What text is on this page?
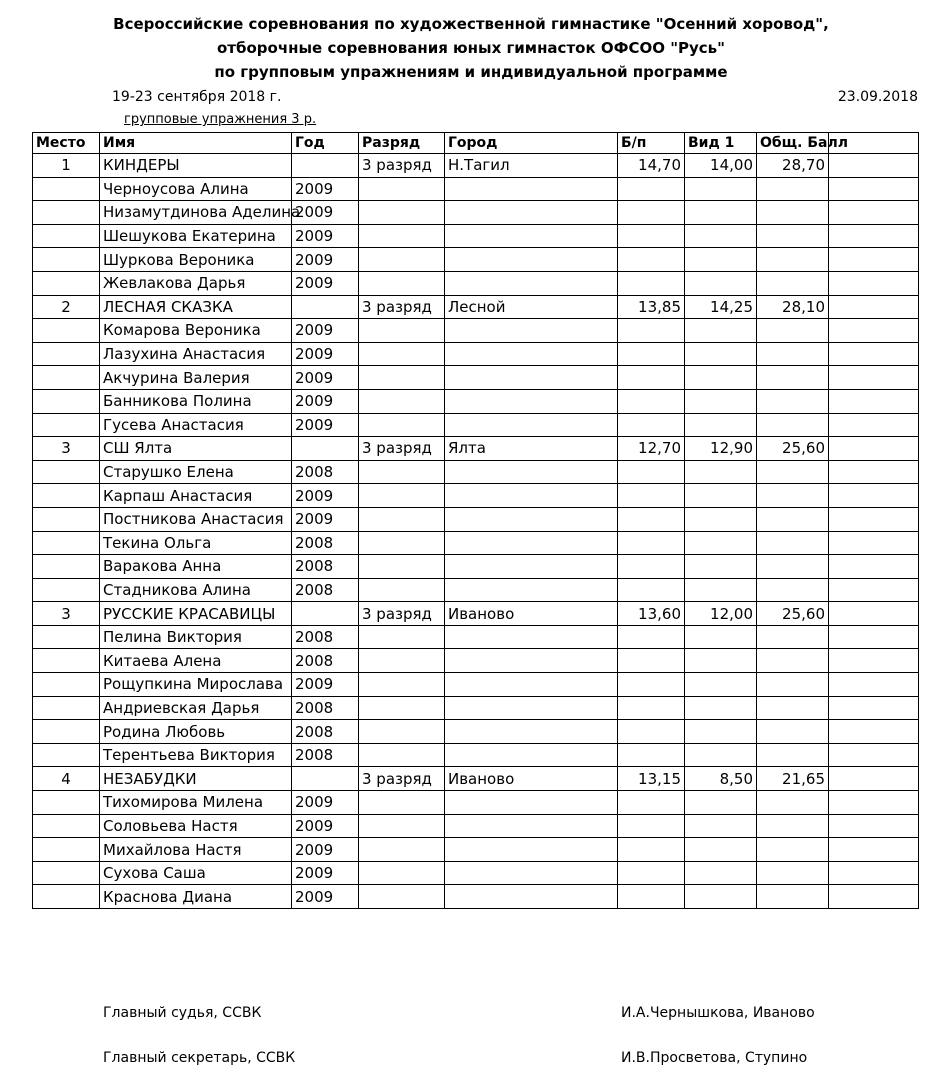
Всероссийские соревнования по художественной гимнастике "Осенний хоровод",
отборочные соревнования юных гимнасток ОФСОО "Русь"
по групповым упражнениям и индивидуальной программе
19-23 сентября 2018 г.	23.09.2018
групповые упражнения 3 р.
Место	Имя	Год	Разряд	Город	Б/п	Вид 1	Общ. Балл	
1	КИНДЕРЫ		3 разряд	Н.Тагил	14,70	14,00	28,70	
	Черноусова Алина	2009						
	Низамутдинова Аделина	2009						
	Шешукова Екатерина	2009						
	Шуркова Вероника	2009						
	Жевлакова Дарья	2009						
2	ЛЕСНАЯ СКАЗКА		3 разряд	Лесной	13,85	14,25	28,10	
	Комарова Вероника	2009						
	Лазухина Анастасия	2009						
	Акчурина Валерия	2009						
	Банникова Полина	2009						
	Гусева Анастасия	2009						
3	СШ Ялта		3 разряд	Ялта	12,70	12,90	25,60	
	Старушко Елена	2008						
	Карпаш Анастасия	2009						
	Постникова Анастасия	2009						
	Текина Ольга	2008						
	Варакова Анна	2008						
	Стадникова Алина	2008						
3	РУССКИЕ КРАСАВИЦЫ		3 разряд	Иваново	13,60	12,00	25,60	
	Пелина Виктория	2008						
	Китаева Алена	2008						
	Рощупкина Мирослава	2009						
	Андриевская Дарья	2008						
	Родина Любовь	2008						
	Терентьева Виктория	2008						
4	НЕЗАБУДКИ		3 разряд	Иваново	13,15	8,50	21,65	
	Тихомирова Милена	2009						
	Соловьева Настя	2009						
	Михайлова Настя	2009						
	Сухова Саша	2009						
	Краснова Диана	2009						
Главный судья, ССВК	И.А.Чернышкова, Иваново
Главный секретарь, ССВК	И.В.Просветова, Ступино
